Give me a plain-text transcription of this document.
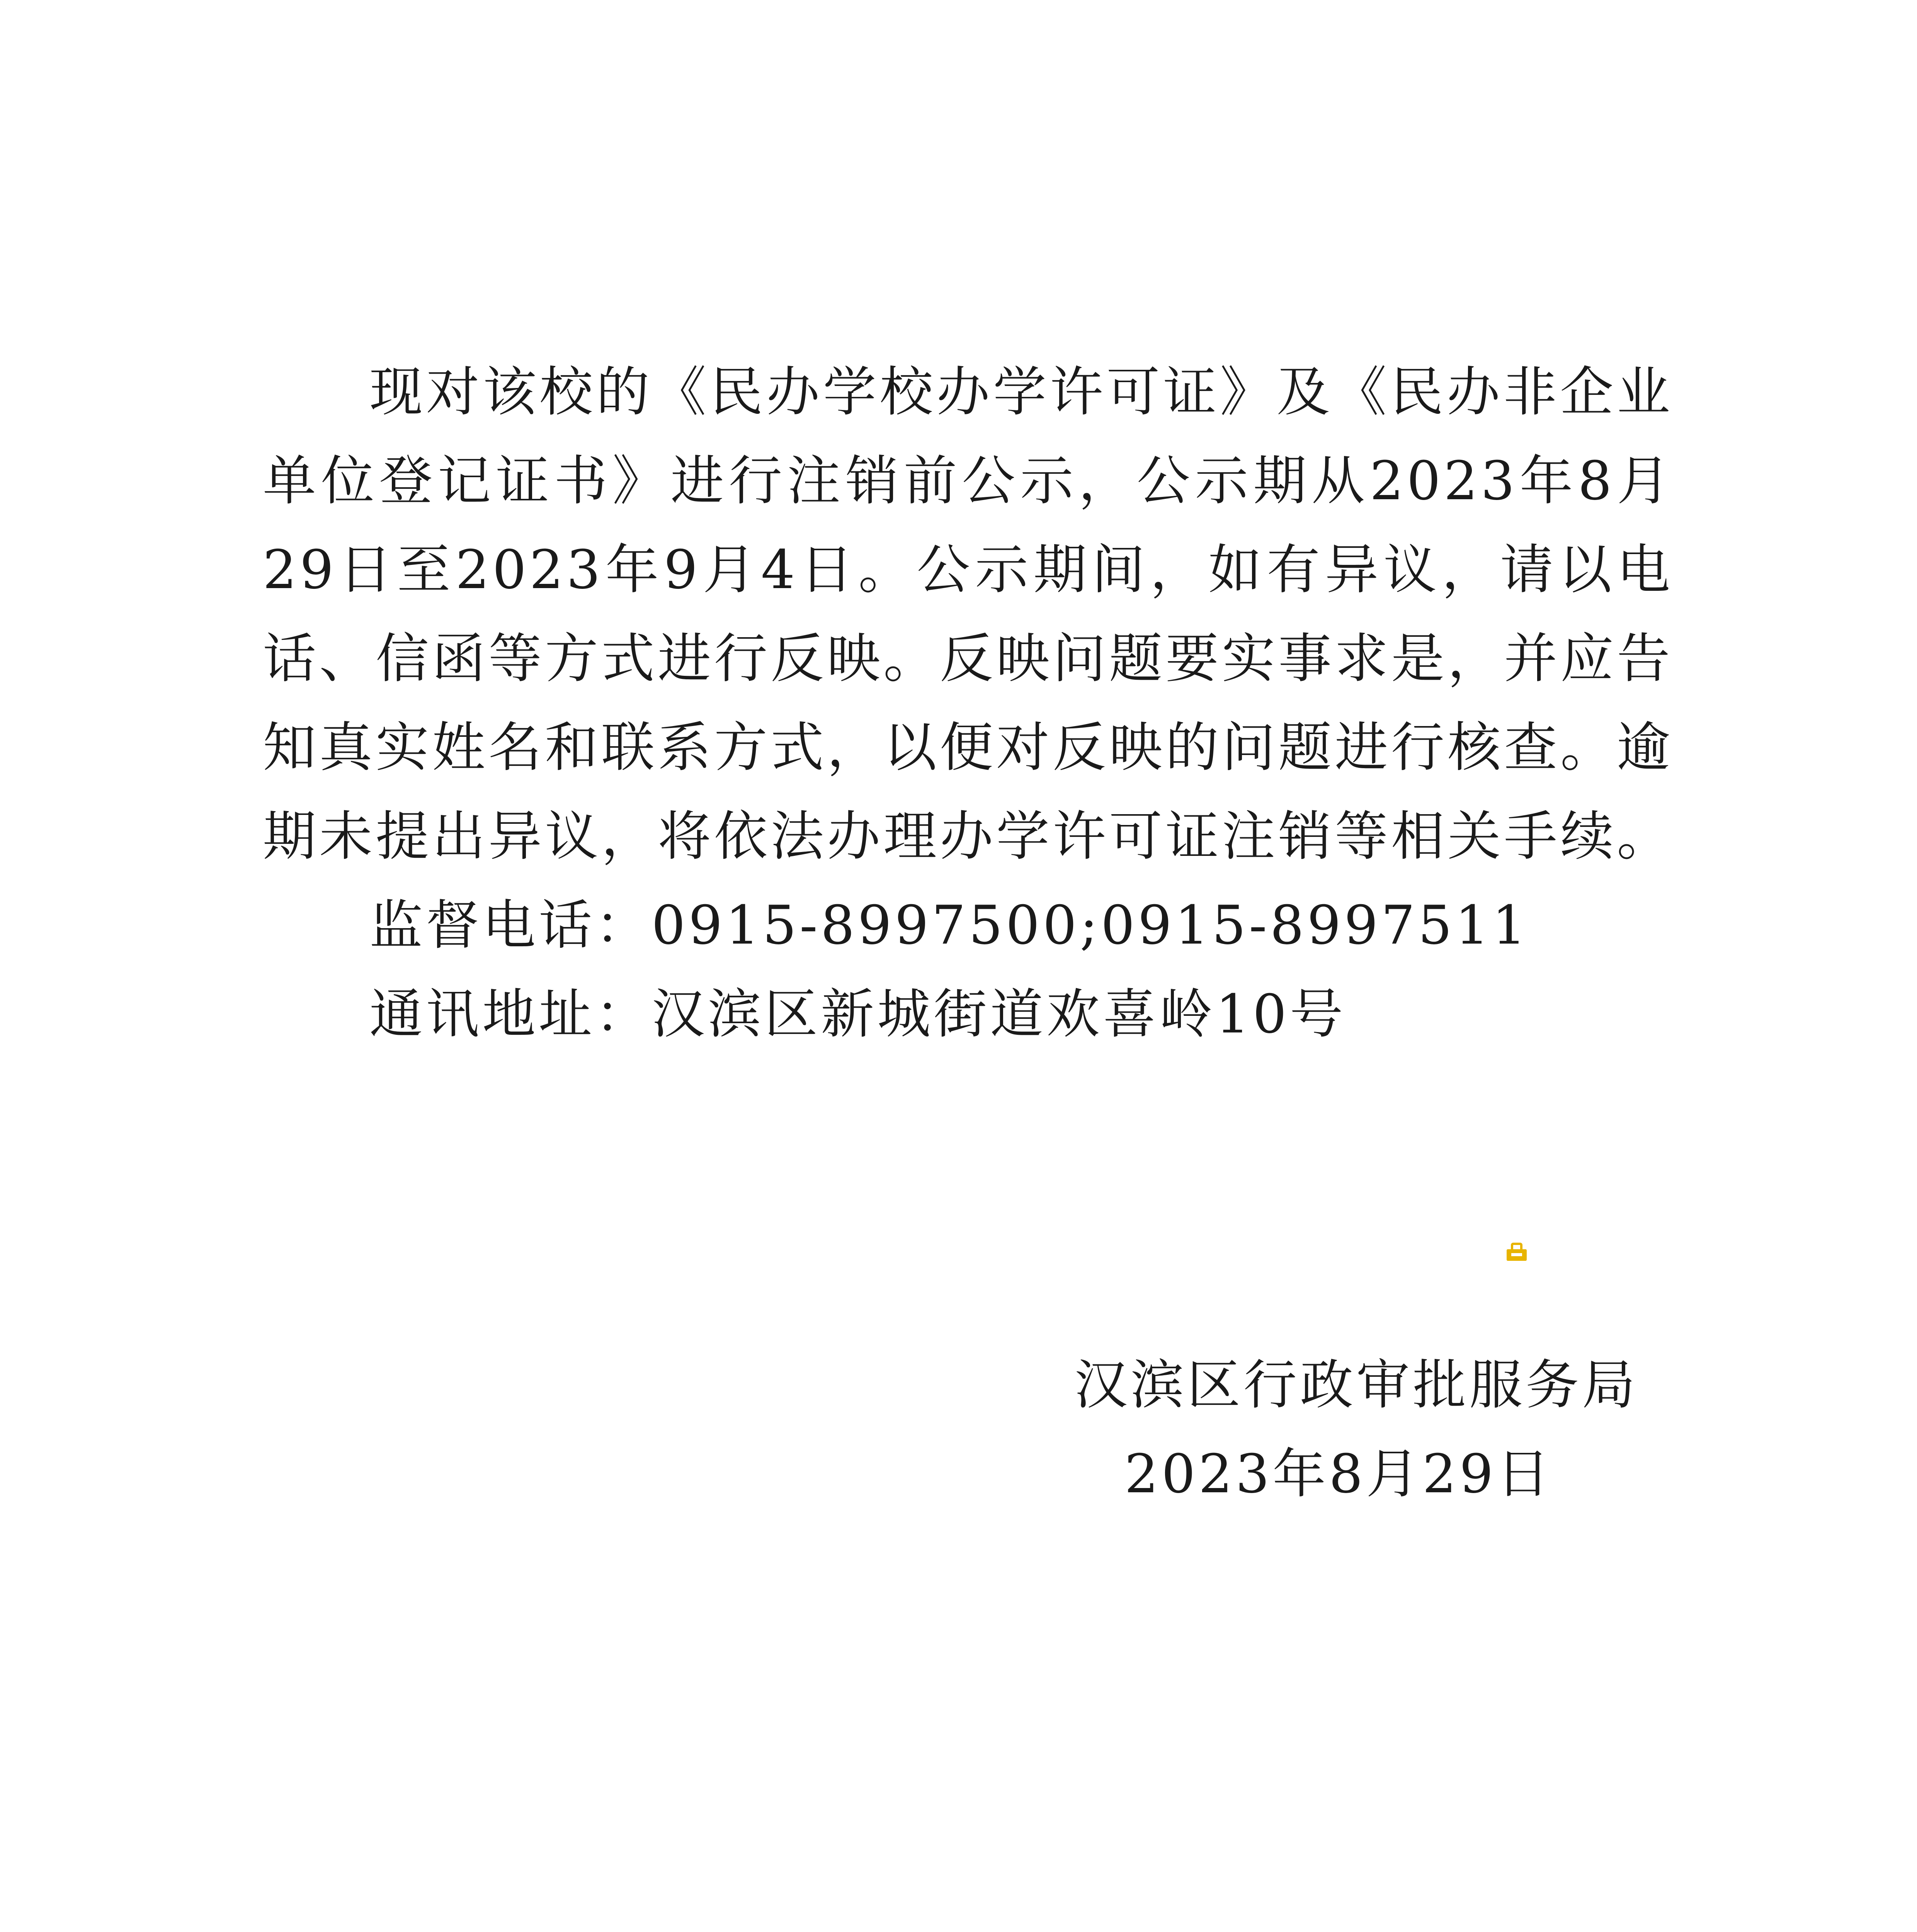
现对该校的《民办学校办学许可证》及《民办非企业单位登记证书》进行注销前公示，公示期从2023年8月29日至2023年9月4日。公示期间，如有异议，请以电话、信函等方式进行反映。反映问题要实事求是，并应告知真实姓名和联系方式，以便对反映的问题进行核查。逾期未提出异议，将依法办理办学许可证注销等相关手续。

监督电话：0915-8997500;0915-8997511

通讯地址：汉滨区新城街道欢喜岭10号

汉滨区行政审批服务局

2023年8月29日
